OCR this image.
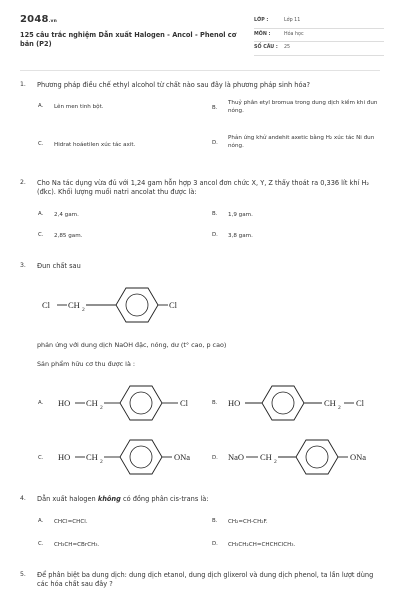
2048.vn
125 câu trắc nghiệm Dẫn xuất Halogen - Ancol - Phenol cơ bản (P2)
LỚP :	Lớp 11
MÔN :	Hóa học
SỐ CÂU :	25
1.	Phương pháp điều chế ethyl alcohol từ chất nào sau đây là phương pháp sinh hóa?
A. Lên men tinh bột.	B.
Thuỷ phân etyl bromua trong dung dịch kiềm khi đun nóng.
C. Hidrat hoáetilen xúc tác axit.	D.
Phản ứng khử andehit axetic bằng H₂ xúc tác Ni đun nóng.
2.	Cho Na tác dụng vừa đủ với 1,24 gam hỗn hợp 3 ancol đơn chức X, Y, Z thấy thoát ra 0,336 lít khí H₂ (đkc). Khối lượng muối natri ancolat thu được là:
A. 2,4 gam.	B. 1,9 gam.
C. 2,85 gam.	D. 3,8 gam.
3.	Đun chất sau
Cl CH 2	Cl
phản ứng với dung dịch NaOH đặc, nóng, dư (t° cao, p cao)
Sản phẩm hữu cơ thu được là :
A. HO CH 2	Cl	B. HO	CH 2 Cl
C. HO CH 2	ONa	D. NaO CH 2	ONa
4.	Dẫn xuất halogen không có đồng phân cis-trans là:
A. CHCl=CHCl.	B. CH₂=CH-CH₂F.
C. CH₃CH=CBrCH₃.	D. CH₃CH₂CH=CHCHClCH₃.
5.	Để phân biệt ba dung dịch: dung dịch etanol, dung dịch glixerol và dung dịch phenol, ta lần lượt dùng các hóa chất sau đây ?
